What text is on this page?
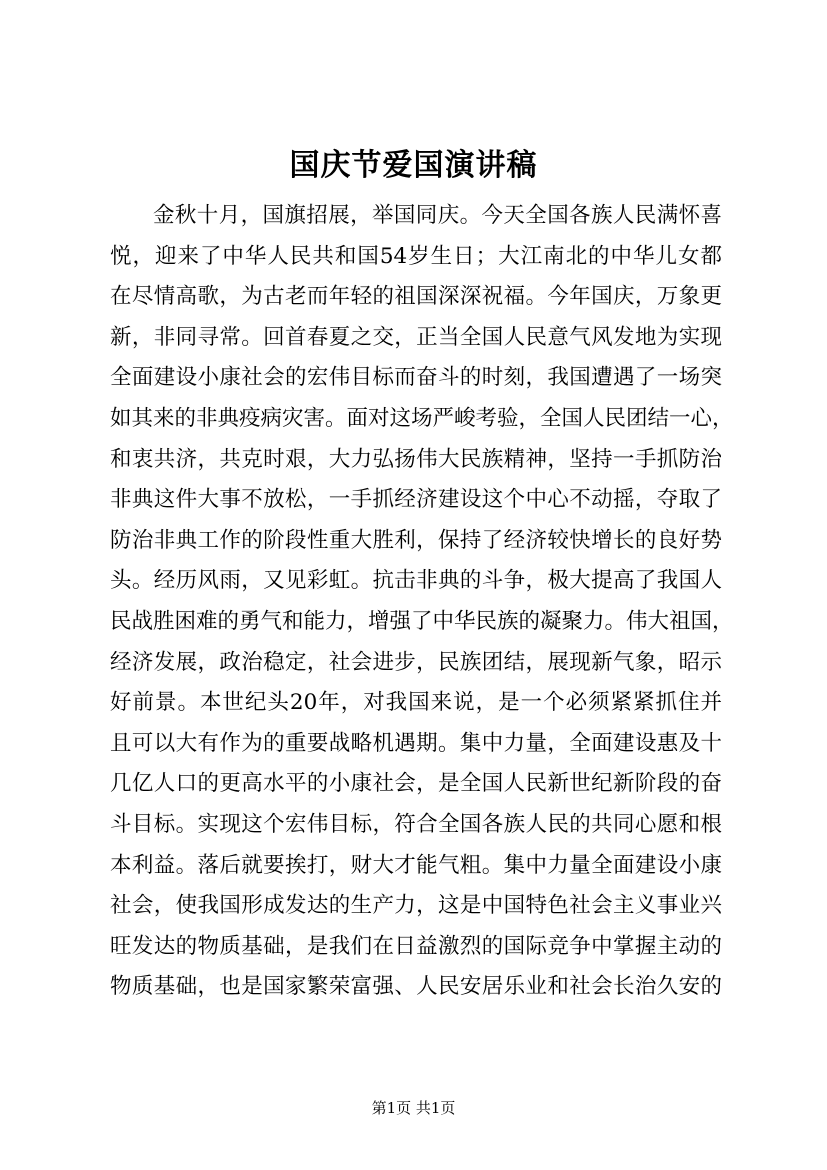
国庆节爱国演讲稿
金秋十月，国旗招展，举国同庆。今天全国各族人民满怀喜
悦，迎来了中华人民共和国54岁生日；大江南北的中华儿女都
在尽情高歌，为古老而年轻的祖国深深祝福。今年国庆，万象更
新，非同寻常。回首春夏之交，正当全国人民意气风发地为实现
全面建设小康社会的宏伟目标而奋斗的时刻，我国遭遇了一场突
如其来的非典疫病灾害。面对这场严峻考验，全国人民团结一心，
和衷共济，共克时艰，大力弘扬伟大民族精神，坚持一手抓防治
非典这件大事不放松，一手抓经济建设这个中心不动摇，夺取了
防治非典工作的阶段性重大胜利，保持了经济较快增长的良好势
头。经历风雨，又见彩虹。抗击非典的斗争，极大提高了我国人
民战胜困难的勇气和能力，增强了中华民族的凝聚力。伟大祖国，
经济发展，政治稳定，社会进步，民族团结，展现新气象，昭示
好前景。本世纪头20年，对我国来说，是一个必须紧紧抓住并
且可以大有作为的重要战略机遇期。集中力量，全面建设惠及十
几亿人口的更高水平的小康社会，是全国人民新世纪新阶段的奋
斗目标。实现这个宏伟目标，符合全国各族人民的共同心愿和根
本利益。落后就要挨打，财大才能气粗。集中力量全面建设小康
社会，使我国形成发达的生产力，这是中国特色社会主义事业兴
旺发达的物质基础，是我们在日益激烈的国际竞争中掌握主动的
物质基础，也是国家繁荣富强、人民安居乐业和社会长治久安的
第1页 共1页
